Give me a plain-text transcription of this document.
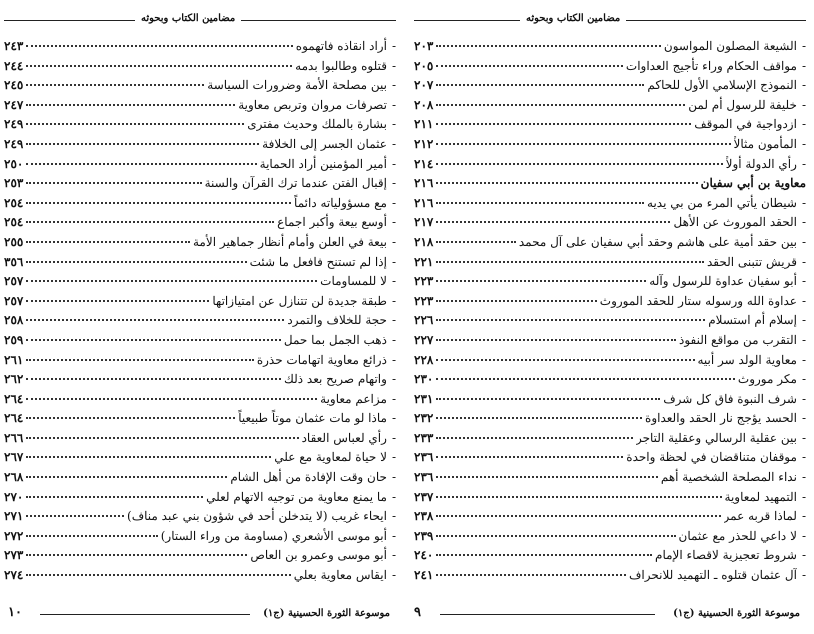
مضامين الكتاب وبحوثه
-
أراد انقاذه فاتهموه
٢٤٣
-
قتلوه وطالبوا بدمه
٢٤٤
-
بين مصلحة الأمة وضرورات السياسة
٢٤٥
-
تصرفات مروان وتربص معاوية
٢٤٧
-
بشارة بالملك وحديث مفترى
٢٤٩
-
عثمان الجسر إلى الخلافة
٢٤٩
-
أمير المؤمنين أراد الحماية
٢٥٠
-
إقبال الفتن عندما ترك القرآن والسنة
٢٥٣
-
مع مسؤولياته دائماً
٢٥٤
-
أوسع بيعة وأكبر اجماع
٢٥٤
-
بيعة في العلن وأمام أنظار جماهير الأمة
٢٥٥
-
إذا لم تستنح فافعل ما شئت
٣٥٦
-
لا للمساومات
٢٥٧
-
طبقة جديدة لن تتنازل عن امتيازاتها
٢٥٧
-
حجة للخلاف والتمرد
٢٥٨
-
ذهب الجمل بما حمل
٢٥٩
-
ذرائع معاوية اتهامات حذرة
٢٦١
-
واتهام صريح بعد ذلك
٢٦٢
-
مزاعم معاوية
٢٦٤
-
ماذا لو مات عثمان موتاً طبيعياً
٢٦٤
-
رأي لعباس العقاد
٢٦٦
-
لا حياة لمعاوية مع علي
٢٦٧
-
حان وقت الإفادة من أهل الشام
٢٦٨
-
ما يمنع معاوية من توجيه الاتهام لعلي
٢٧٠
-
ايحاء غريب (لا يتدخلن أحد في شؤون بني عبد مناف)
٢٧١
-
أبو موسى الأشعري (مساومة من وراء الستار)
٢٧٢
-
أبو موسى وعمرو بن العاص
٢٧٣
-
ايقاس معاوية بعلي
٢٧٤
١٠	موسوعة الثورة الحسينية (ج١)
مضامين الكتاب وبحوثه
-
الشيعة المصلون المواسون
٢٠٣
-
مواقف الحكام وراء تأجيج العداوات
٢٠٥
-
النموذج الإسلامي الأول للحاكم
٢٠٧
-
خليفة للرسول أم لمن
٢٠٨
-
ازدواجية في الموقف
٢١١
-
المأمون مثالاً
٢١٢
-
رأي الدولة أولاً
٢١٤
معاوية بن أبي سفيان
٢١٦
-
شيطان يأتي المرء من بي يديه
٢١٦
-
الحقد الموروث عن الأهل
٢١٧
-
بين حقد أمية على هاشم وحقد أبي سفيان على آل محمد
٢١٨
-
قريش تتبنى الحقد
٢٢١
-
أبو سفيان عداوة للرسول وآله
٢٢٣
-
عداوة الله ورسوله ستار للحقد الموروث
٢٢٣
-
إسلام أم استسلام
٢٢٦
-
التقرب من مواقع النفوذ
٢٢٧
-
معاوية الولد سر أبيه
٢٢٨
-
مكر موروث
٢٣٠
-
شرف النبوة فاق كل شرف
٢٣١
-
الحسد يؤجج نار الحقد والعداوة
٢٣٢
-
بين عقلية الرسالي وعقلية التاجر
٢٣٣
-
موقفان متناقضان في لحظة واحدة
٢٣٦
-
نداء المصلحة الشخصية أهم
٢٣٦
-
التمهيد لمعاوية
٢٣٧
-
لماذا قربه عمر
٢٣٨
-
لا داعي للحذر مع عثمان
٢٣٩
-
شروط تعجيزية لاقصاء الإمام
٢٤٠
-
آل عثمان قتلوه ـ التهميد للانحراف
٢٤١
٩	موسوعة الثورة الحسينية (ج١)
